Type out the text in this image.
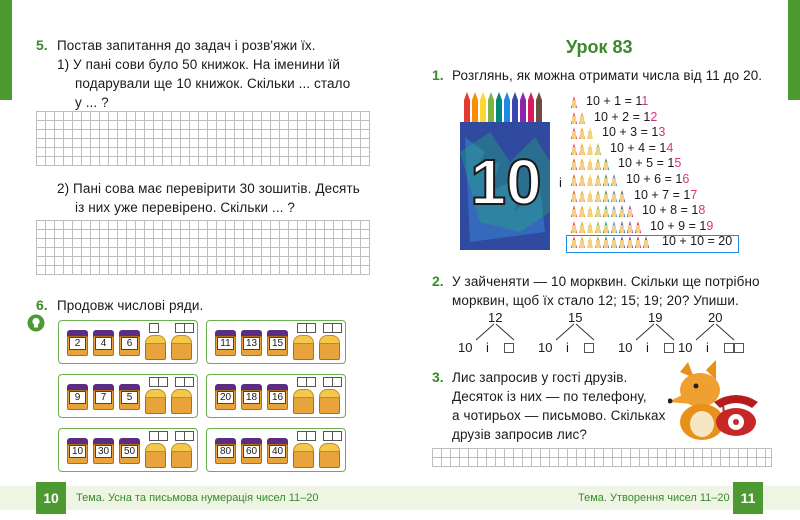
5. Постав запитання до задач і розв'яжи їх.
1) У пані сови було 50 книжок. На іменини їй
подарували ще 10 книжок. Скільки ... стало
у ... ?
2) Пані сова має перевірити 30 зошитів. Десять
із них уже перевірено. Скільки ... ?
6. Продовж числові ряди.
10	Тема. Усна та письмова нумерація чисел 11–20
2	4	6	11	13 15
9	7	5	20 18 16
10 30 50	80 60 40
Урок 83
1. Розглянь, як можна отримати числа від 11 до 20.
10	і
2. У зайченяти — 10 морквин. Скільки ще потрібно
морквин, щоб їх стало 12; 15; 19; 20? Упиши.
3. Лис запросив у гості друзів.
Десяток із них — по телефону,
а чотирьох — письмово. Скільках
друзів запросив лис?
Тема. Утворення чисел 11–20 11
10 + 1 = 11
10 + 2 = 12
10 + 3 = 13
10 + 4 = 14
10 + 5 = 15
10 + 6 = 16
10 + 7 = 17
10 + 8 = 18
10 + 9 = 19
10 + 10 = 20
12
10 і
15
10 і
19
10 і
20
10 і
